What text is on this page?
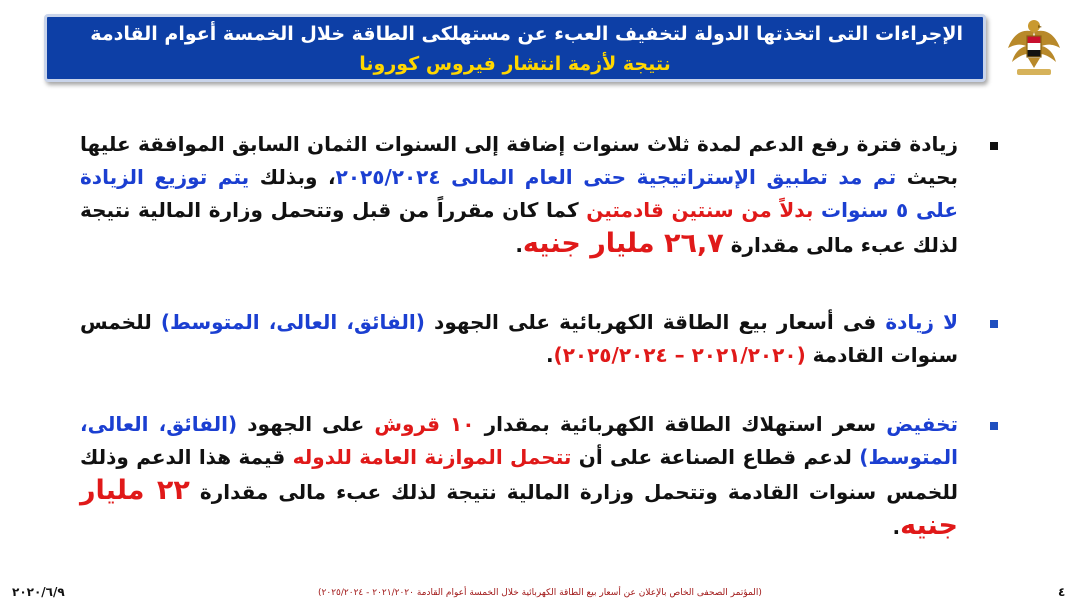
الإجراءات التى اتخذتها الدولة لتخفيف العبء عن مستهلكى الطاقة خلال الخمسة أعوام القادمة
نتيجة لأزمة انتشار فيروس كورونا
زيادة فترة رفع الدعم لمدة ثلاث سنوات إضافة إلى السنوات الثمان السابق الموافقة عليها بحيث تم مد تطبيق الإستراتيجية حتى العام المالى ٢٠٢٥/٢٠٢٤، وبذلك يتم توزيع الزيادة على ٥ سنوات بدلاً من سنتين قادمتين كما كان مقرراً من قبل وتتحمل وزارة المالية نتيجة لذلك عبء مالى مقدارة ٢٦,٧ مليار جنيه.
لا زيادة فى أسعار بيع الطاقة الكهربائية على الجهود (الفائق، العالى، المتوسط) للخمس سنوات القادمة (٢٠٢١/٢٠٢٠ – ٢٠٢٥/٢٠٢٤).
تخفيض سعر استهلاك الطاقة الكهربائية بمقدار ١٠ قروش على الجهود (الفائق، العالى، المتوسط) لدعم قطاع الصناعة على أن تتحمل الموازنة العامة للدوله قيمة هذا الدعم وذلك للخمس سنوات القادمة وتتحمل وزارة المالية نتيجة لذلك عبء مالى مقدارة ٢٢ مليار جنيه.
٢٠٢٠/٦/٩	(المؤتمر الصحفى الخاص بالإعلان عن أسعار بيع الطاقة الكهربائية خلال الخمسة أعوام القادمة ٢٠٢١/٢٠٢٠ - ٢٠٢٥/٢٠٢٤)	٤
